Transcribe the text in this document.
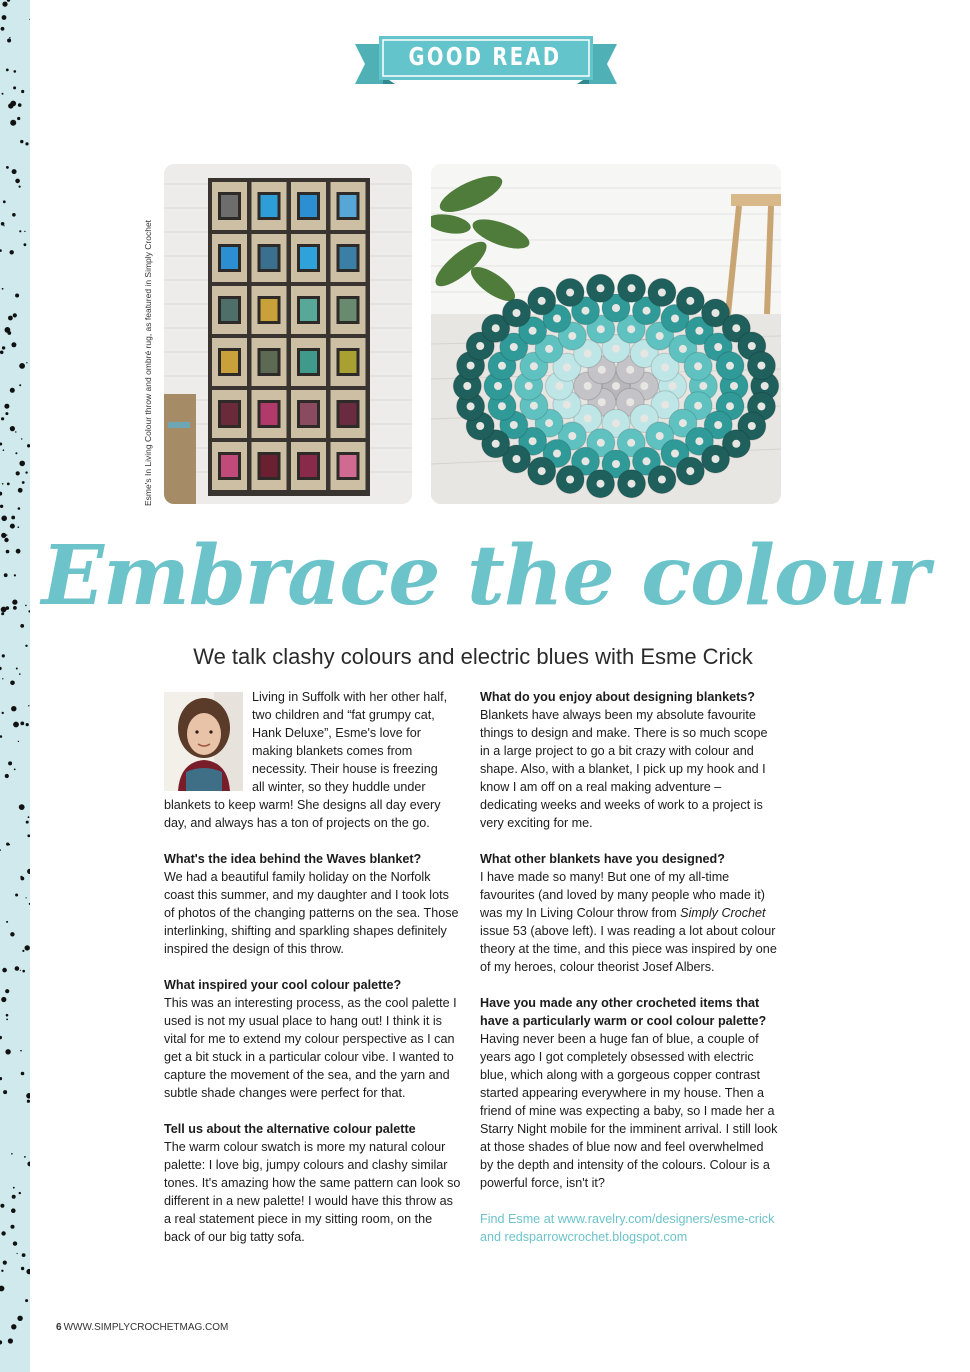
GOOD READ
Esme's In Living Colour throw and ombré rug, as featured in Simply Crochet
Embrace the colour
We talk clashy colours and electric blues with Esme Crick

Living in Suffolk with her other half,
two children and “fat grumpy cat,
Hank Deluxe”, Esme's love for
making blankets comes from
necessity. Their house is freezing
all winter, so they huddle under
blankets to keep warm! She designs all day every day, and always has a ton of projects on the go.

What's the idea behind the Waves blanket?
We had a beautiful family holiday on the Norfolk coast this summer, and my daughter and I took lots of photos of the changing patterns on the sea. Those interlinking, shifting and sparkling shapes definitely inspired the design of this throw.

What inspired your cool colour palette?
This was an interesting process, as the cool palette I used is not my usual place to hang out! I think it is vital for me to extend my colour perspective as I can get a bit stuck in a particular colour vibe. I wanted to capture the movement of the sea, and the yarn and subtle shade changes were perfect for that.

Tell us about the alternative colour palette
The warm colour swatch is more my natural colour palette: I love big, jumpy colours and clashy similar tones. It's amazing how the same pattern can look so different in a new palette! I would have this throw as a real statement piece in my sitting room, on the back of our big tatty sofa.

What do you enjoy about designing blankets?
Blankets have always been my absolute favourite things to design and make. There is so much scope in a large project to go a bit crazy with colour and shape. Also, with a blanket, I pick up my hook and I know I am off on a real making adventure – dedicating weeks and weeks of work to a project is very exciting for me.

What other blankets have you designed?
I have made so many! But one of my all-time favourites (and loved by many people who made it) was my In Living Colour throw from Simply Crochet issue 53 (above left). I was reading a lot about colour theory at the time, and this piece was inspired by one of my heroes, colour theorist Josef Albers.

Have you made any other crocheted items that have a particularly warm or cool colour palette?
Having never been a huge fan of blue, a couple of years ago I got completely obsessed with electric blue, which along with a gorgeous copper contrast started appearing everywhere in my house. Then a friend of mine was expecting a baby, so I made her a Starry Night mobile for the imminent arrival. I still look at those shades of blue now and feel overwhelmed by the depth and intensity of the colours. Colour is a powerful force, isn't it?

Find Esme at www.ravelry.com/designers/esme-crick and redsparrowcrochet.blogspot.com

6 WWW.SIMPLYCROCHETMAG.COM
